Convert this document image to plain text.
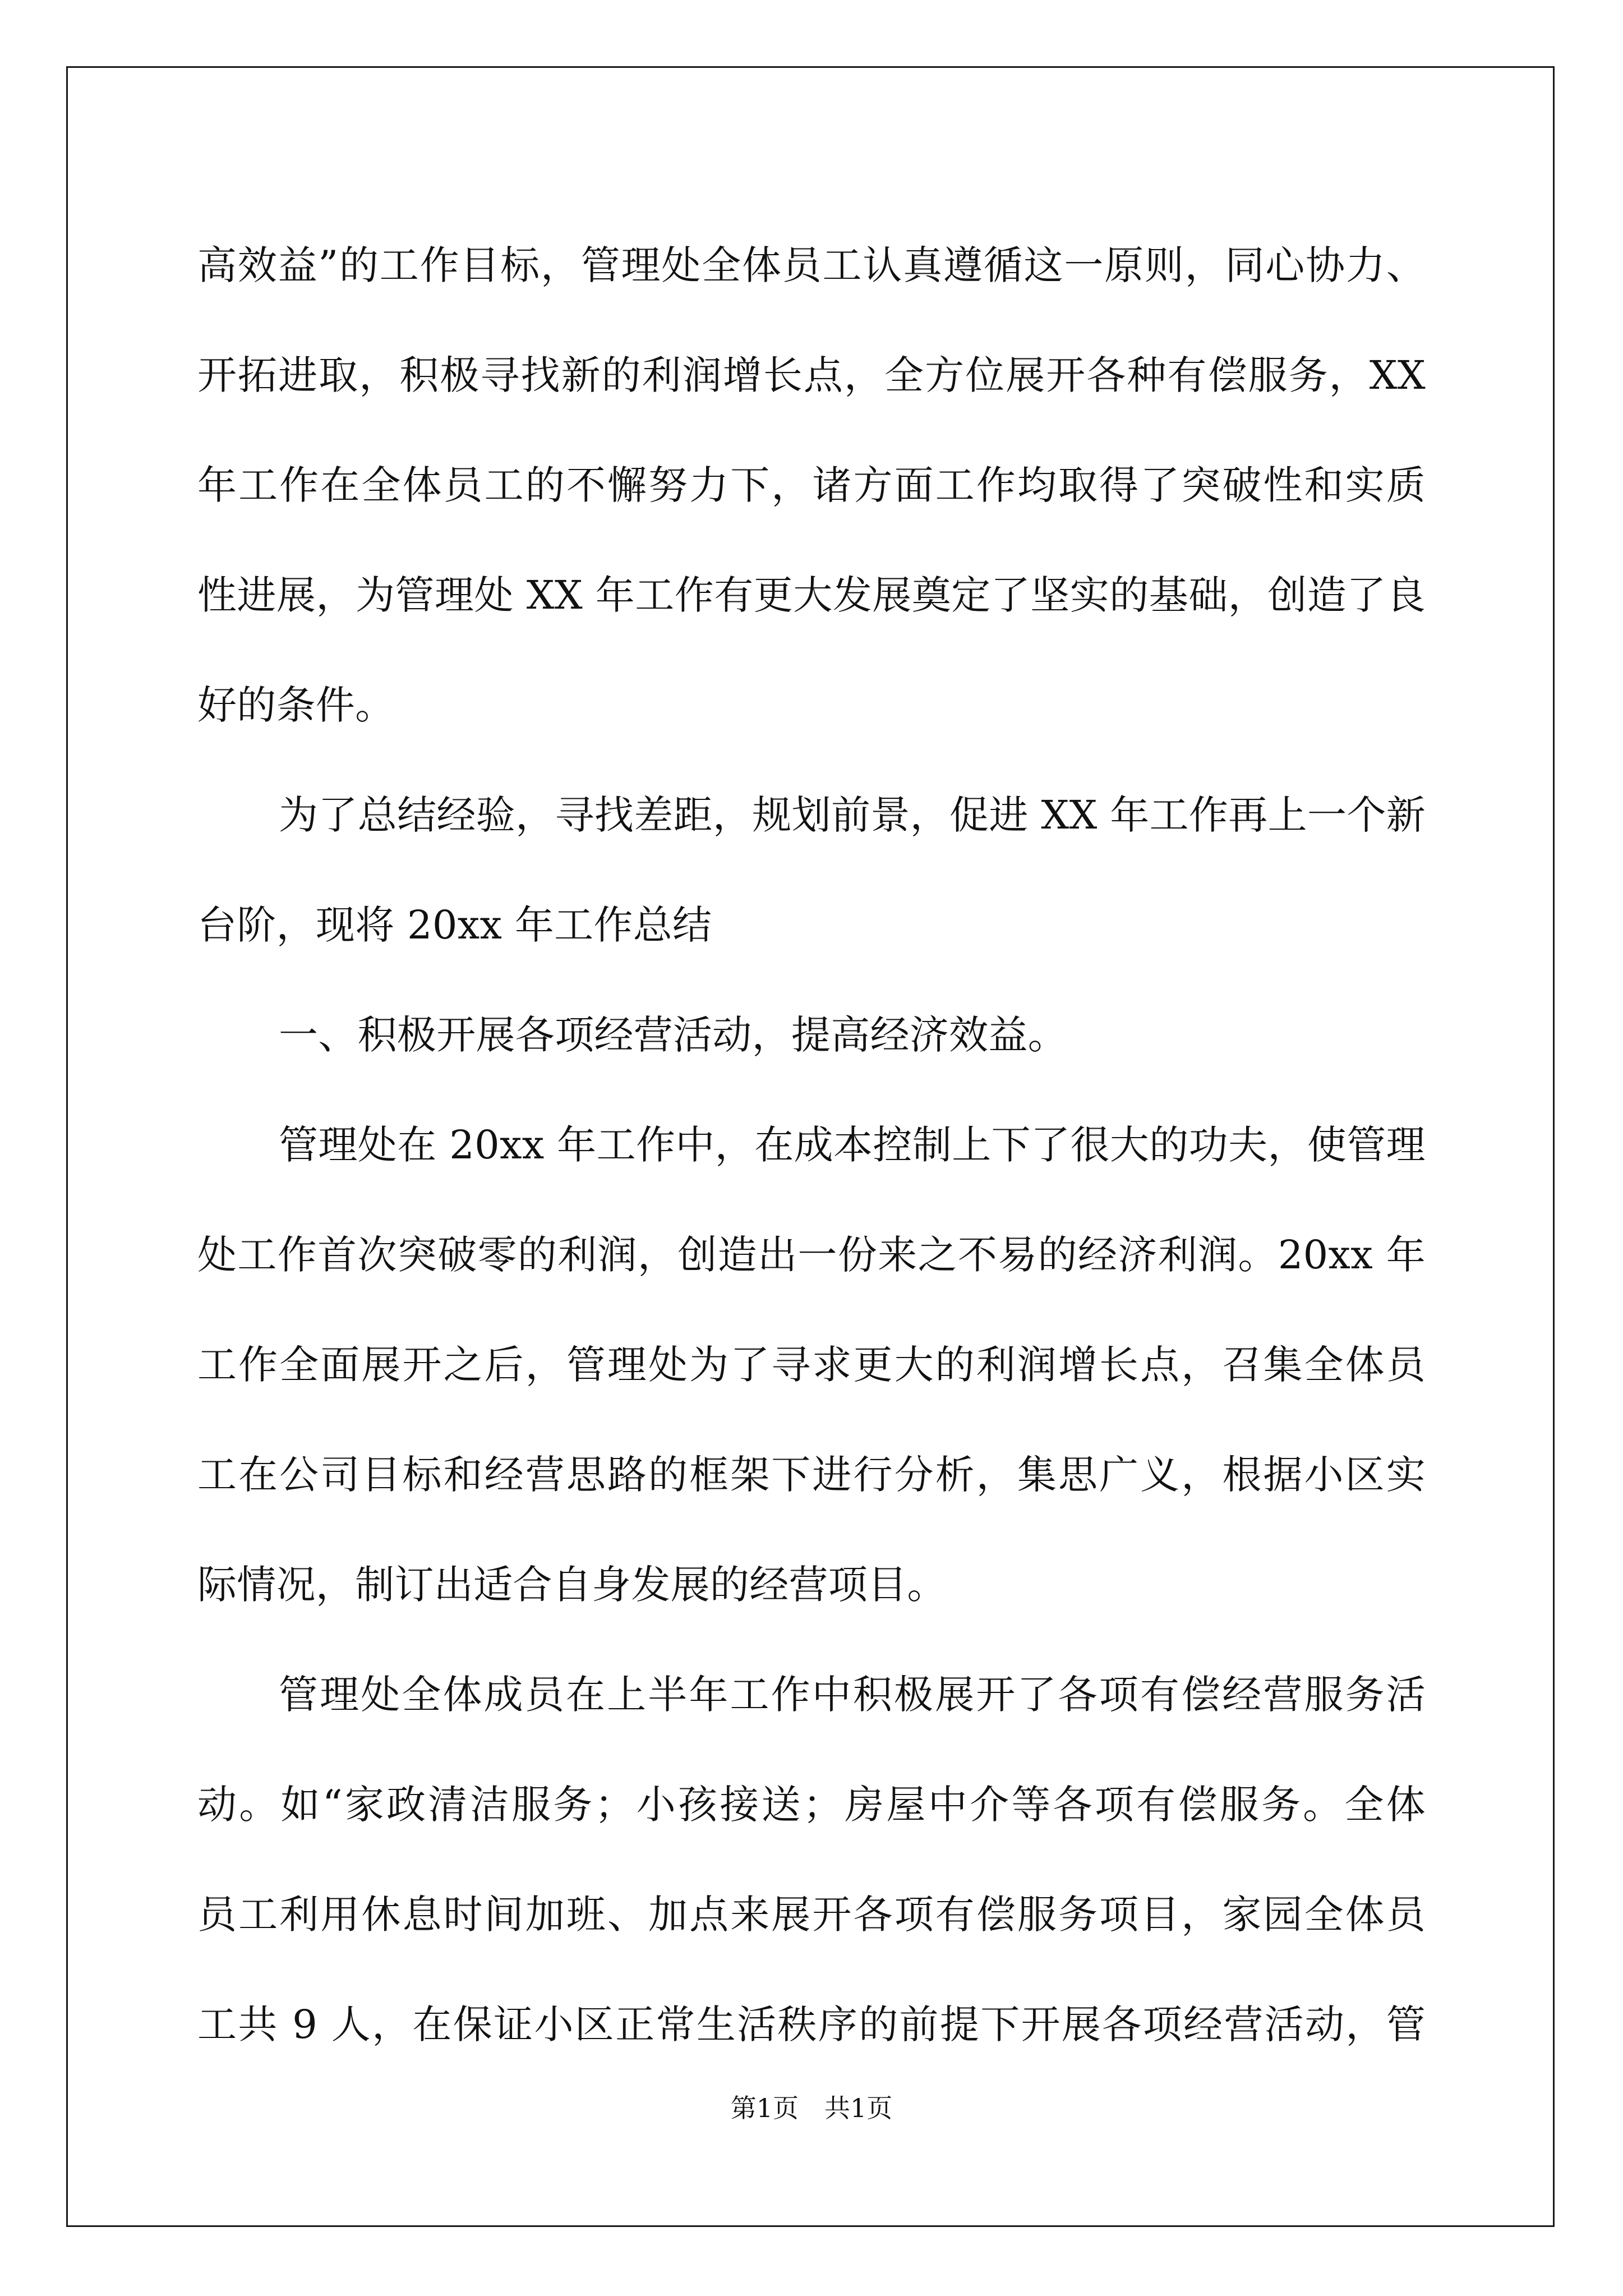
高效益”的工作目标，管理处全体员工认真遵循这一原则，同心协力、
开拓进取，积极寻找新的利润增长点，全方位展开各种有偿服务，XX
年工作在全体员工的不懈努力下，诸方面工作均取得了突破性和实质
性进展，为管理处 XX 年工作有更大发展奠定了坚实的基础，创造了良
好的条件。
为了总结经验，寻找差距，规划前景，促进 XX 年工作再上一个新
台阶，现将 20xx 年工作总结
一、积极开展各项经营活动，提高经济效益。
管理处在 20xx 年工作中，在成本控制上下了很大的功夫，使管理
处工作首次突破零的利润，创造出一份来之不易的经济利润。20xx 年
工作全面展开之后，管理处为了寻求更大的利润增长点，召集全体员
工在公司目标和经营思路的框架下进行分析，集思广义，根据小区实
际情况，制订出适合自身发展的经营项目。
管理处全体成员在上半年工作中积极展开了各项有偿经营服务活
动。如“家政清洁服务；小孩接送；房屋中介等各项有偿服务。全体
员工利用休息时间加班、加点来展开各项有偿服务项目，家园全体员
工共 9 人，在保证小区正常生活秩序的前提下开展各项经营活动，管
第1页 共1页
